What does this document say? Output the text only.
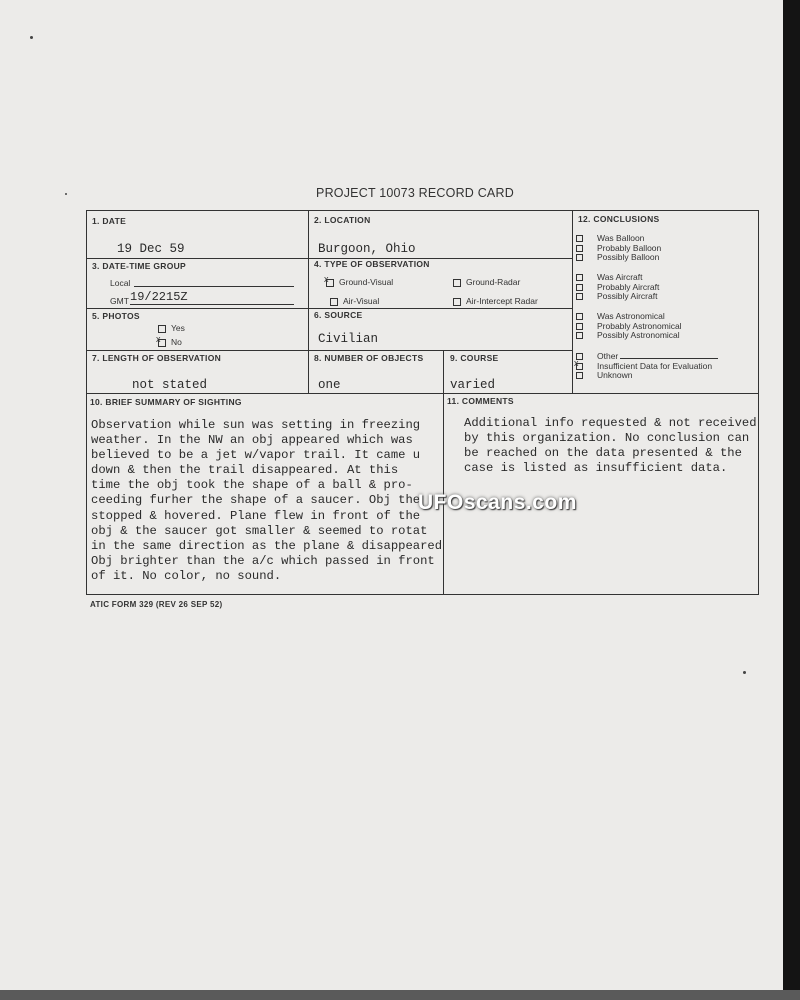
PROJECT 10073 RECORD CARD
1. DATE
19 Dec 59
2. LOCATION
Burgoon, Ohio
3. DATE-TIME GROUP
Local
GMT 19/2215Z
4. TYPE OF OBSERVATION
x Ground-Visual	Ground-Radar
Air-Visual	Air-Intercept Radar
5. PHOTOS
Yes
x No
6. SOURCE
Civilian
7. LENGTH OF OBSERVATION
not stated
8. NUMBER OF OBJECTS
one
9. COURSE
varied
10. BRIEF SUMMARY OF SIGHTING
Observation while sun was setting in freezing
weather. In the NW an obj appeared which was
believed to be a jet w/vapor trail. It came u
down & then the trail disappeared. At this
time the obj took the shape of a ball & pro-
ceeding furher the shape of a saucer. Obj the
stopped & hovered. Plane flew in front of the
obj & the saucer got smaller & seemed to rotat
in the same direction as the plane & disappeared
Obj brighter than the a/c which passed in front
of it. No color, no sound.
11. COMMENTS
Additional info requested & not received
by this organization. No conclusion can
be reached on the data presented & the
case is listed as insufficient data.
12. CONCLUSIONS
Was Balloon
Probably Balloon
Possibly Balloon
Was Aircraft
Probably Aircraft
Possibly Aircraft
Was Astronomical
Probably Astronomical
Possibly Astronomical
Other
x Insufficient Data for Evaluation
Unknown
UFOscans.com
ATIC FORM 329 (REV 26 SEP 52)
